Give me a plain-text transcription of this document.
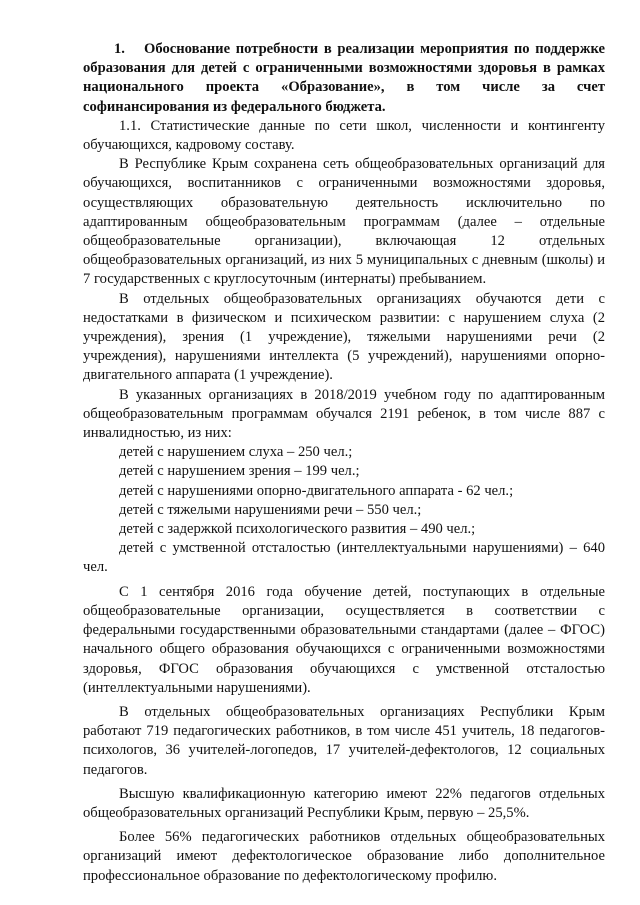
1. Обоснование потребности в реализации мероприятия по поддержке образования для детей с ограниченными возможностями здоровья в рамках национального проекта «Образование», в том числе за счет софинансирования из федерального бюджета.

1.1. Статистические данные по сети школ, численности и контингенту обучающихся, кадровому составу.

В Республике Крым сохранена сеть общеобразовательных организаций для обучающихся, воспитанников с ограниченными возможностями здоровья, осуществляющих образовательную деятельность исключительно по адаптированным общеобразовательным программам (далее – отдельные общеобразовательные организации), включающая 12 отдельных общеобразовательных организаций, из них 5 муниципальных с дневным (школы) и 7 государственных с круглосуточным (интернаты) пребыванием.

В отдельных общеобразовательных организациях обучаются дети с недостатками в физическом и психическом развитии: с нарушением слуха (2 учреждения), зрения (1 учреждение), тяжелыми нарушениями речи (2 учреждения), нарушениями интеллекта (5 учреждений), нарушениями опорно-двигательного аппарата (1 учреждение).

В указанных организациях в 2018/2019 учебном году по адаптированным общеобразовательным программам обучался 2191 ребенок, в том числе 887 с инвалидностью, из них:

детей с нарушением слуха – 250 чел.;

детей с нарушением зрения – 199 чел.;

детей с нарушениями опорно-двигательного аппарата - 62 чел.;

детей с тяжелыми нарушениями речи – 550 чел.;

детей с задержкой психологического развития – 490 чел.;

детей с умственной отсталостью (интеллектуальными нарушениями) – 640 чел.

С 1 сентября 2016 года обучение детей, поступающих в отдельные общеобразовательные организации, осуществляется в соответствии с федеральными государственными образовательными стандартами (далее – ФГОС) начального общего образования обучающихся с ограниченными возможностями здоровья, ФГОС образования обучающихся с умственной отсталостью (интеллектуальными нарушениями).

В отдельных общеобразовательных организациях Республики Крым работают 719 педагогических работников, в том числе 451 учитель, 18 педагогов-психологов, 36 учителей-логопедов, 17 учителей-дефектологов, 12 социальных педагогов.

Высшую квалификационную категорию имеют 22% педагогов отдельных общеобразовательных организаций Республики Крым, первую – 25,5%.

Более 56% педагогических работников отдельных общеобразовательных организаций имеют дефектологическое образование либо дополнительное профессиональное образование по дефектологическому профилю.
